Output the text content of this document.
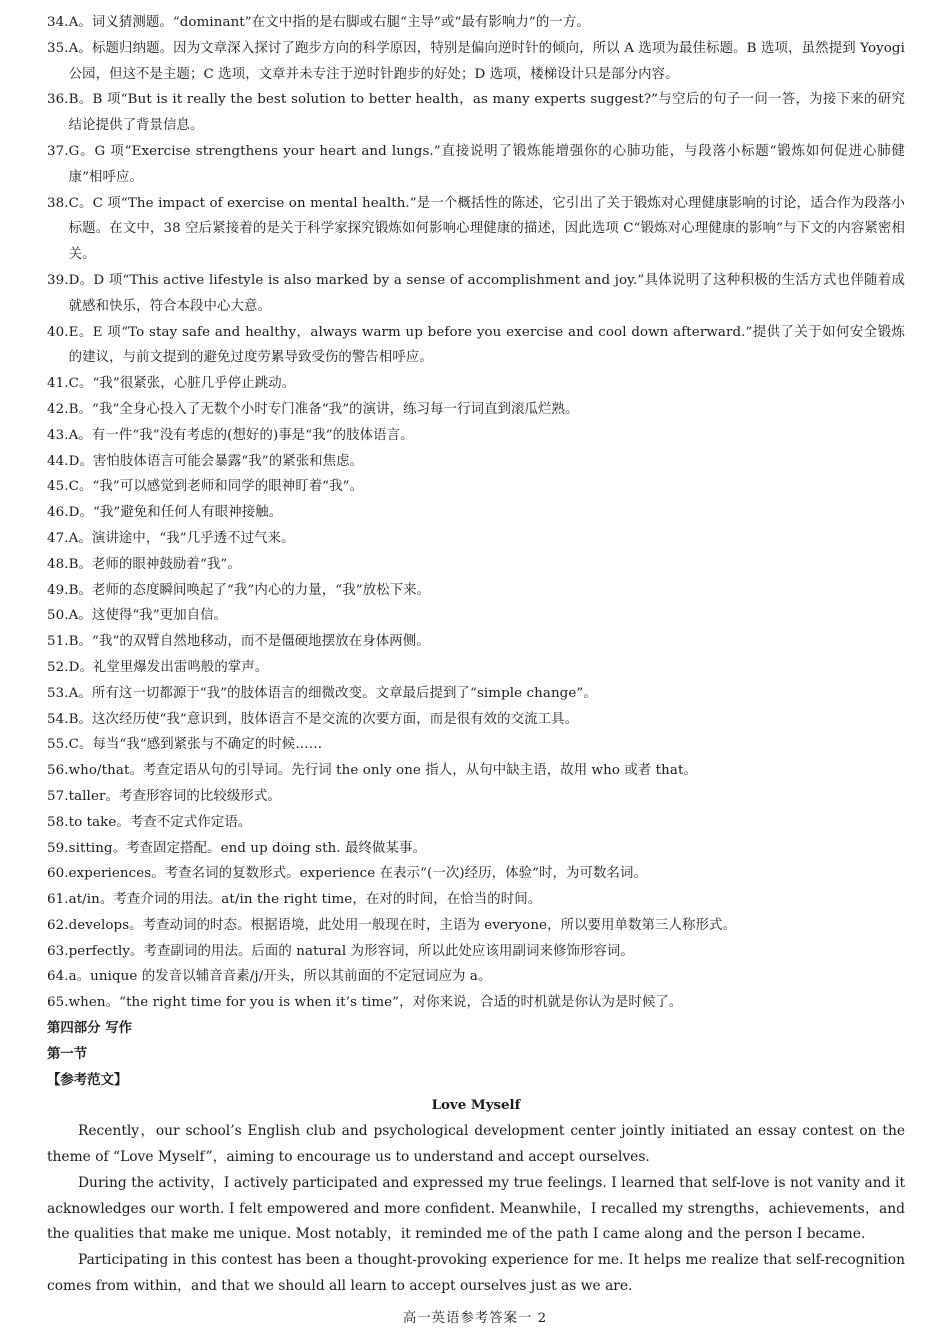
34. A。词义猜测题。“dominant”在文中指的是右脚或右腿“主导”或“最有影响力”的一方。
35. A。标题归纳题。因为文章深入探讨了跑步方向的科学原因，特别是偏向逆时针的倾向，所以 A 选项为最佳标题。B 选项，虽然提到 Yoyogi 公园，但这不是主题；C 选项，文章并未专注于逆时针跑步的好处；D 选项，楼梯设计只是部分内容。
36. B。B 项“But is it really the best solution to better health，as many experts suggest?”与空后的句子一问一答，为接下来的研究结论提供了背景信息。
37. G。G 项“Exercise strengthens your heart and lungs.”直接说明了锻炼能增强你的心肺功能，与段落小标题“锻炼如何促进心肺健康”相呼应。
38. C。C 项“The impact of exercise on mental health.”是一个概括性的陈述，它引出了关于锻炼对心理健康影响的讨论，适合作为段落小标题。在文中，38 空后紧接着的是关于科学家探究锻炼如何影响心理健康的描述，因此选项 C“锻炼对心理健康的影响”与下文的内容紧密相关。
39. D。D 项“This active lifestyle is also marked by a sense of accomplishment and joy.”具体说明了这种积极的生活方式也伴随着成就感和快乐，符合本段中心大意。
40. E。E 项“To stay safe and healthy，always warm up before you exercise and cool down afterward.”提供了关于如何安全锻炼的建议，与前文提到的避免过度劳累导致受伤的警告相呼应。
41. C。“我”很紧张，心脏几乎停止跳动。
42. B。“我”全身心投入了无数个小时专门准备“我”的演讲，练习每一行词直到滚瓜烂熟。
43. A。有一件“我”没有考虑的(想好的)事是“我”的肢体语言。
44. D。害怕肢体语言可能会暴露“我”的紧张和焦虑。
45. C。“我”可以感觉到老师和同学的眼神盯着“我”。
46. D。“我”避免和任何人有眼神接触。
47. A。演讲途中，“我”几乎透不过气来。
48. B。老师的眼神鼓励着“我”。
49. B。老师的态度瞬间唤起了“我”内心的力量，“我”放松下来。
50. A。这使得“我”更加自信。
51. B。“我”的双臂自然地移动，而不是僵硬地摆放在身体两侧。
52. D。礼堂里爆发出雷鸣般的掌声。
53. A。所有这一切都源于“我”的肢体语言的细微改变。文章最后提到了“simple change”。
54. B。这次经历使“我”意识到，肢体语言不是交流的次要方面，而是很有效的交流工具。
55. C。每当“我”感到紧张与不确定的时候……
56. who/that。考查定语从句的引导词。先行词 the only one 指人，从句中缺主语，故用 who 或者 that。
57. taller。考查形容词的比较级形式。
58. to take。考查不定式作定语。
59. sitting。考查固定搭配。end up doing sth. 最终做某事。
60. experiences。考查名词的复数形式。experience 在表示“(一次)经历，体验”时，为可数名词。
61. at/in。考查介词的用法。at/in the right time，在对的时间，在恰当的时间。
62. develops。考查动词的时态。根据语境，此处用一般现在时，主语为 everyone，所以要用单数第三人称形式。
63. perfectly。考查副词的用法。后面的 natural 为形容词，所以此处应该用副词来修饰形容词。
64. a。unique 的发音以辅音音素/j/开头，所以其前面的不定冠词应为 a。
65. when。“the right time for you is when it’s time”，对你来说，合适的时机就是你认为是时候了。
第四部分 写作
第一节
【参考范文】
Love Myself

Recently，our school’s English club and psychological development center jointly initiated an essay contest on the theme of “Love Myself”，aiming to encourage us to understand and accept ourselves.

During the activity，I actively participated and expressed my true feelings. I learned that self-love is not vanity and it acknowledges our worth. I felt empowered and more confident. Meanwhile，I recalled my strengths，achievements，and the qualities that make me unique. Most notably，it reminded me of the path I came along and the person I became.

Participating in this contest has been a thought-provoking experience for me. It helps me realize that self-recognition comes from within，and that we should all learn to accept ourselves just as we are.

高一英语参考答案一 2
